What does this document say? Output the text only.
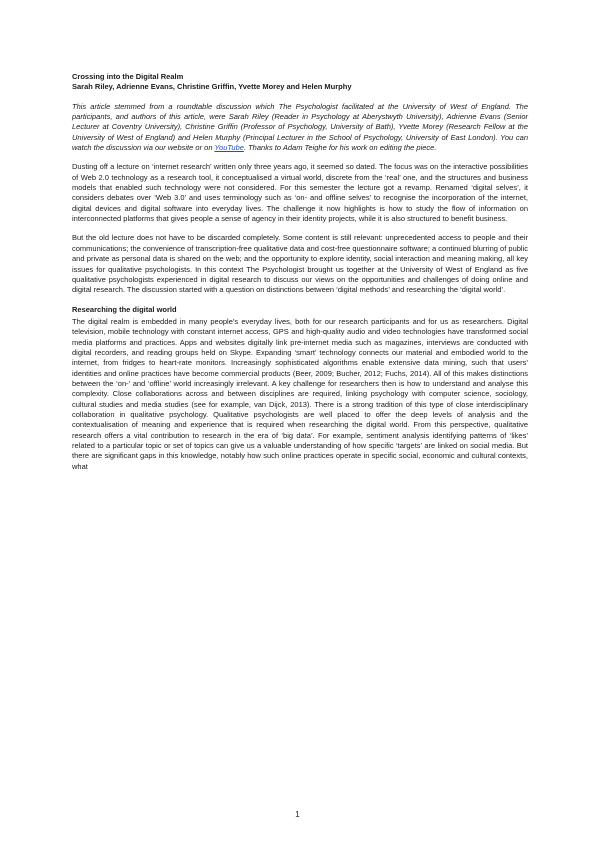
Crossing into the Digital Realm
Sarah Riley, Adrienne Evans, Christine Griffin, Yvette Morey and Helen Murphy

This article stemmed from a roundtable discussion which The Psychologist facilitated at the University of West of England. The participants, and authors of this article, were Sarah Riley (Reader in Psychology at Aberystwyth University), Adrienne Evans (Senior Lecturer at Coventry University), Christine Griffin (Professor of Psychology, University of Bath), Yvette Morey (Research Fellow at the University of West of England) and Helen Murphy (Principal Lecturer in the School of Psychology, University of East London). You can watch the discussion via our website or on YouTube. Thanks to Adam Teighe for his work on editing the piece.

Dusting off a lecture on ‘internet research’ written only three years ago, it seemed so dated. The focus was on the interactive possibilities of Web 2.0 technology as a research tool, it conceptualised a virtual world, discrete from the ‘real’ one, and the structures and business models that enabled such technology were not considered. For this semester the lecture got a revamp. Renamed ‘digital selves’, it considers debates over ‘Web 3.0’ and uses terminology such as ‘on- and offline selves’ to recognise the incorporation of the internet, digital devices and digital software into everyday lives. The challenge it now highlights is how to study the flow of information on interconnected platforms that gives people a sense of agency in their identity projects, while it is also structured to benefit business.

But the old lecture does not have to be discarded completely. Some content is still relevant: unprecedented access to people and their communications; the convenience of transcription-free qualitative data and cost-free questionnaire software; a continued blurring of public and private as personal data is shared on the web; and the opportunity to explore identity, social interaction and meaning making, all key issues for qualitative psychologists. In this context The Psychologist brought us together at the University of West of England as five qualitative psychologists experienced in digital research to discuss our views on the opportunities and challenges of doing online and digital research. The discussion started with a question on distinctions between ‘digital methods’ and researching the ‘digital world’.

Researching the digital world

The digital realm is embedded in many people’s everyday lives, both for our research participants and for us as researchers. Digital television, mobile technology with constant internet access, GPS and high-quality audio and video technologies have transformed social media platforms and practices. Apps and websites digitally link pre-internet media such as magazines, interviews are conducted with digital recorders, and reading groups held on Skype. Expanding ‘smart’ technology connects our material and embodied world to the internet, from fridges to heart-rate monitors. Increasingly sophisticated algorithms enable extensive data mining, such that users’ identities and online practices have become commercial products (Beer, 2009; Bucher, 2012; Fuchs, 2014). All of this makes distinctions between the ‘on-’ and ‘offline’ world increasingly irrelevant. A key challenge for researchers then is how to understand and analyse this complexity. Close collaborations across and between disciplines are required, linking psychology with computer science, sociology, cultural studies and media studies (see for example, van Dijck, 2013). There is a strong tradition of this type of close interdisciplinary collaboration in qualitative psychology. Qualitative psychologists are well placed to offer the deep levels of analysis and the contextualisation of meaning and experience that is required when researching the digital world. From this perspective, qualitative research offers a vital contribution to research in the era of ‘big data’. For example, sentiment analysis identifying patterns of ‘likes’ related to a particular topic or set of topics can give us a valuable understanding of how specific ‘targets’ are linked on social media. But there are significant gaps in this knowledge, notably how such online practices operate in specific social, economic and cultural contexts, what

1
